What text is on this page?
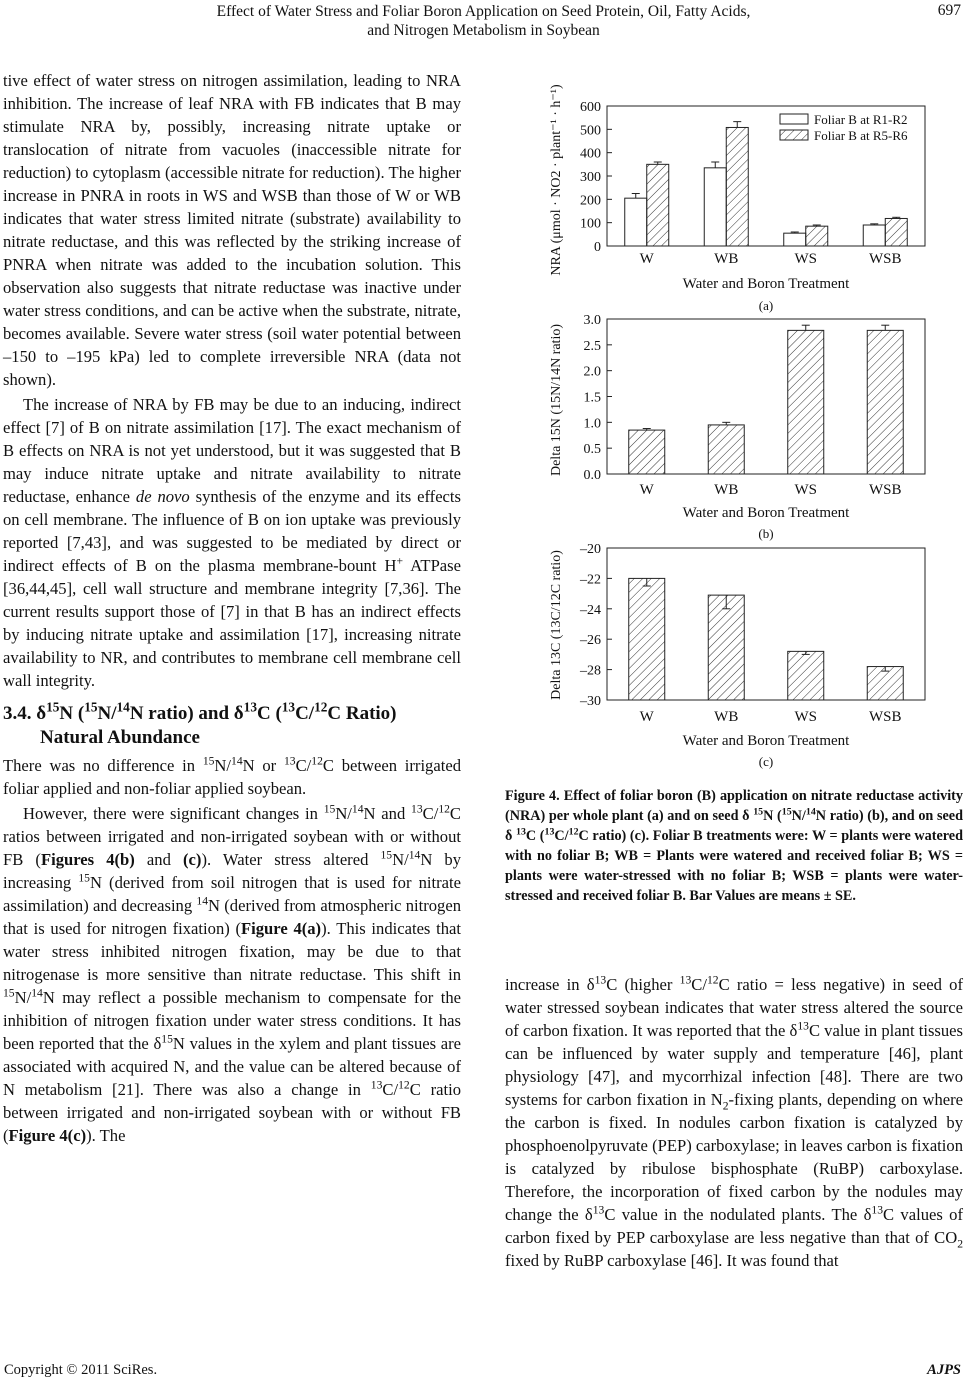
Effect of Water Stress and Foliar Boron Application on Seed Protein, Oil, Fatty Acids,
and Nitrogen Metabolism in Soybean
697

tive effect of water stress on nitrogen assimilation, leading to NRA inhibition. The increase of leaf NRA with FB indicates that B may stimulate NRA by, possibly, increasing nitrate uptake or translocation of nitrate from vacuoles (inaccessible nitrate for reduction) to cytoplasm (accessible nitrate for reduction). The higher increase in PNRA in roots in WS and WSB than those of W or WB indicates that water stress limited nitrate (substrate) availability to nitrate reductase, and this was reflected by the striking increase of PNRA when nitrate was added to the incubation solution. This observation also suggests that nitrate reductase was inactive under water stress conditions, and can be active when the substrate, nitrate, becomes available. Severe water stress (soil water potential between –150 to –195 kPa) led to complete irreversible NRA (data not shown).

The increase of NRA by FB may be due to an inducing, indirect effect [7] of B on nitrate assimilation [17]. The exact mechanism of B effects on NRA is not yet understood, but it was suggested that B may induce nitrate uptake and nitrate availability to nitrate reductase, enhance de novo synthesis of the enzyme and its effects on cell membrane. The influence of B on ion uptake was previously reported [7,43], and was suggested to be mediated by direct or indirect effects of B on the plasma membrane-bount H+ ATPase [36,44,45], cell wall structure and membrane integrity [7,36]. The current results support those of [7] in that B has an indirect effects by inducing nitrate uptake and assimilation [17], increasing nitrate availability to NR, and contributes to membrane cell membrane cell wall integrity.

3.4. $\delta^{15}N$ ($^{15}$N/$^{14}$N ratio) and $\delta^{13}C$ ($^{13}$C/$^{12}$C Ratio)
Natural Abundance

There was no difference in $^{15}$N/$^{14}$N or $^{13}$C/$^{12}$C between irrigated foliar applied and non-foliar applied soybean.

However, there were significant changes in $^{15}$N/$^{14}$N and $^{13}$C/$^{12}$C ratios between irrigated and non-irrigated soybean with or without FB (Figures 4(b) and (c)). Water stress altered $^{15}$N/$^{14}$N by increasing $^{15}$N (derived from soil nitrogen that is used for nitrate assimilation) and decreasing $^{14}$N (derived from atmospheric nitrogen that is used for nitrogen fixation) (Figure 4(a)). This indicates that water stress inhibited nitrogen fixation, may be due to that nitrogenase is more sensitive than nitrate reductase. This shift in $^{15}$N/$^{14}$N may reflect a possible mechanism to compensate for the inhibition of nitrogen fixation under water stress conditions. It has been reported that the $\delta^{15}N$ values in the xylem and plant tissues are associated with acquired N, and the value can be altered because of N metabolism [21]. There was also a change in $^{13}$C/$^{12}$C ratio between irrigated and non-irrigated soybean with or without FB (Figure 4(c)). The

0
100
200
300
400
500
600
W	WB	WS	WSB
Water and Boron Treatment
(a)
NRA (μmol · NO2 · plant⁻¹ · h⁻¹)	Foliar B at R1-R2
Foliar B at R5-R6
0.0
0.5
1.0
1.5
2.0
2.5
3.0
W	WB	WS	WSB
Water and Boron Treatment
(b)
Delta 15N (15N/14N ratio)
–30
–28
–26
–24
–22
–20
W	WB	WS	WSB
Water and Boron Treatment
(c)
Delta 13C (13C/12C ratio)
Figure 4. Effect of foliar boron (B) application on nitrate reductase activity (NRA) per whole plant (a) and on seed δ $^{15}$N ($^{15}$N/$^{14}$N ratio) (b), and on seed δ $^{13}$C ($^{13}$C/$^{12}$C ratio) (c). Foliar B treatments were: W = plants were watered with no foliar B; WB = Plants were watered and received foliar B; WS = plants were water-stressed with no foliar B; WSB = plants were water-stressed and received foliar B. Bar Values are means ± SE.

increase in $\delta^{13}C$ (higher $^{13}$C/$^{12}$C ratio = less negative) in seed of water stressed soybean indicates that water stress altered the source of carbon fixation. It was reported that the $\delta^{13}C$ value in plant tissues can be influenced by water supply and temperature [46], plant physiology [47], and mycorrhizal infection [48]. There are two systems for carbon fixation in $N_2$-fixing plants, depending on where the carbon is fixed. In nodules carbon fixation is catalyzed by phosphoenolpyruvate (PEP) carboxylase; in leaves carbon is fixation is catalyzed by ribulose bisphosphate (RuBP) carboxylase. Therefore, the incorporation of fixed carbon by the nodules may change the $\delta^{13}C$ value in the nodulated plants. The $\delta^{13}C$ values of carbon fixed by PEP carboxylase are less negative than that of $CO_2$ fixed by RuBP carboxylase [46]. It was found that

Copyright © 2011 SciRes.	AJPS
